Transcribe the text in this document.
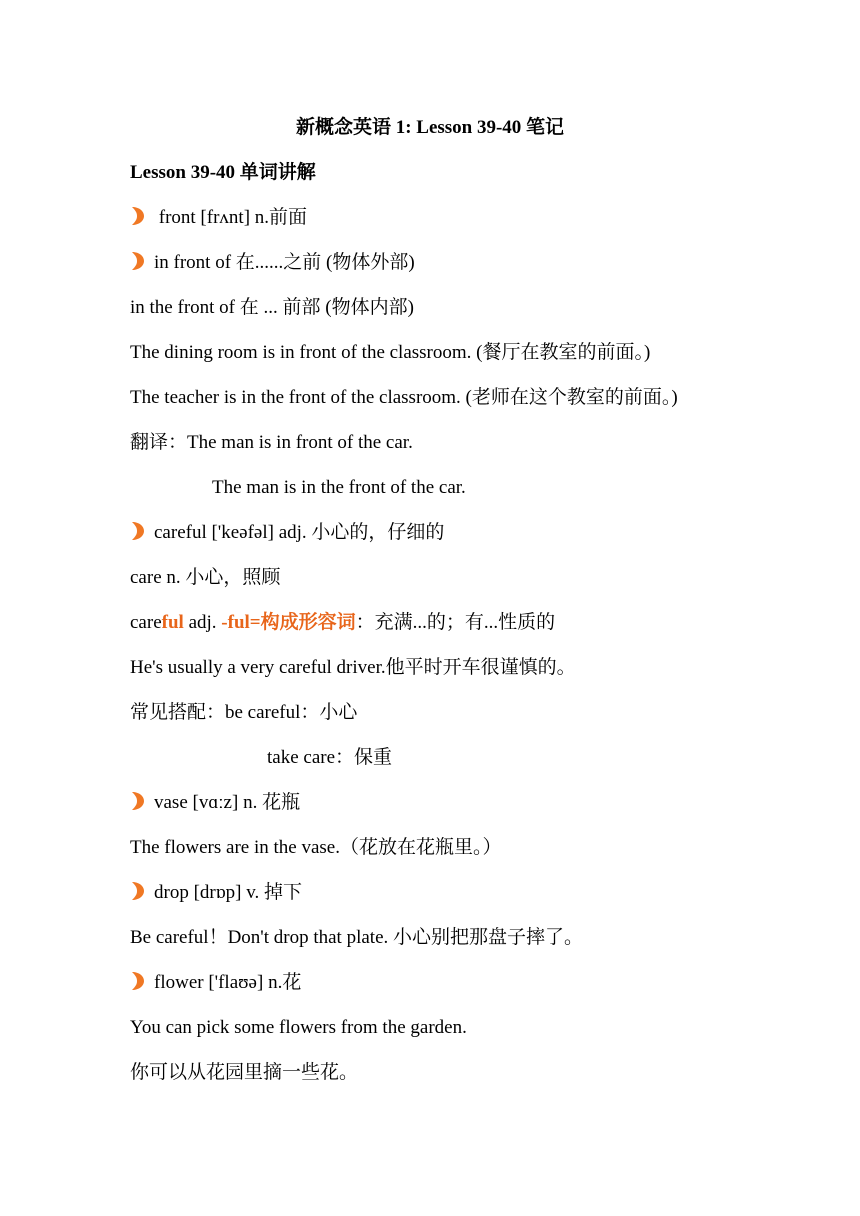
新概念英语 1: Lesson 39-40 笔记
Lesson 39-40 单词讲解
front [frʌnt] n.前面
in front of 在......之前 (物体外部)
in the front of 在 ... 前部 (物体内部)
The dining room is in front of the classroom. (餐厅在教室的前面。)
The teacher is in the front of the classroom. (老师在这个教室的前面。)
翻译：The man is in front of the car.
The man is in the front of the car.
careful ['keəfəl] adj. 小心的，仔细的
care n. 小心，照顾
careful adj. -ful=构成形容词：充满...的；有...性质的
He's usually a very careful driver.他平时开车很谨慎的。
常见搭配：be careful：小心
take care：保重
vase [vɑːz] n. 花瓶
The flowers are in the vase.（花放在花瓶里。）
drop [drɒp] v. 掉下
Be careful！Don't drop that plate. 小心别把那盘子摔了。
flower ['flaʊə] n.花
You can pick some flowers from the garden.
你可以从花园里摘一些花。
